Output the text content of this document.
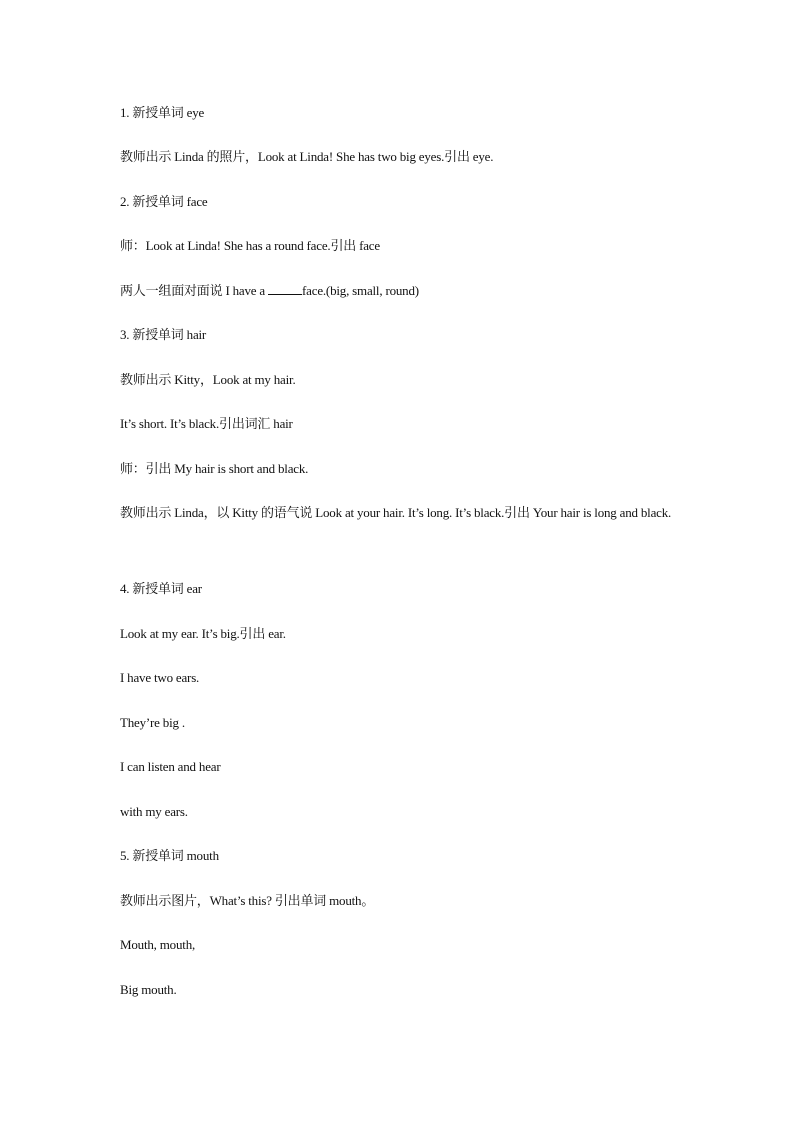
1. 新授单词 eye
教师出示 Linda 的照片，Look at Linda! She has two big eyes.引出 eye.
2. 新授单词 face
师：Look at Linda! She has a round face.引出 face
两人一组面对面说 I have a	face.(big, small, round)
3. 新授单词 hair
教师出示 Kitty，Look at my hair.
It’s short. It’s black.引出词汇 hair
师：引出 My hair is short and black.
教师出示 Linda，以 Kitty 的语气说 Look at your hair. It’s long. It’s black.引出 Your hair is long and black.
4. 新授单词 ear
Look at my ear. It’s big.引出 ear.
I have two ears.
They’re big .
I can listen and hear
with my ears.
5. 新授单词 mouth
教师出示图片，What’s this? 引出单词 mouth。
Mouth, mouth,
Big mouth.
